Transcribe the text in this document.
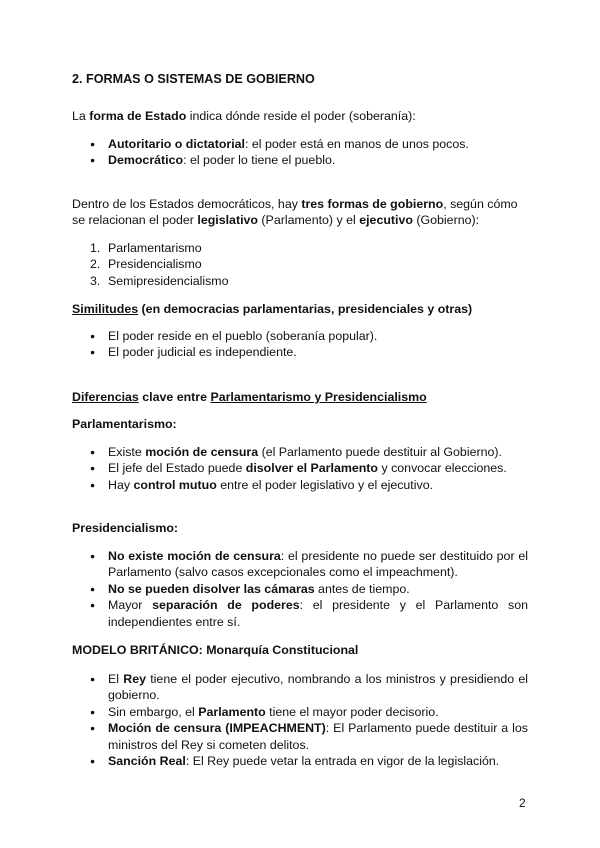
2. FORMAS O SISTEMAS DE GOBIERNO

La forma de Estado indica dónde reside el poder (soberanía):

● Autoritario o dictatorial: el poder está en manos de unos pocos.
● Democrático: el poder lo tiene el pueblo.

Dentro de los Estados democráticos, hay tres formas de gobierno, según cómo se relacionan el poder legislativo (Parlamento) y el ejecutivo (Gobierno):

1. Parlamentarismo
2. Presidencialismo
3. Semipresidencialismo

Similitudes (en democracias parlamentarias, presidenciales y otras)

● El poder reside en el pueblo (soberanía popular).
● El poder judicial es independiente.

Diferencias clave entre Parlamentarismo y Presidencialismo

Parlamentarismo:

● Existe moción de censura (el Parlamento puede destituir al Gobierno).
● El jefe del Estado puede disolver el Parlamento y convocar elecciones.
● Hay control mutuo entre el poder legislativo y el ejecutivo.

Presidencialismo:

● No existe moción de censura: el presidente no puede ser destituido por el Parlamento (salvo casos excepcionales como el impeachment).
● No se pueden disolver las cámaras antes de tiempo.
● Mayor separación de poderes: el presidente y el Parlamento son independientes entre sí.

MODELO BRITÁNICO: Monarquía Constitucional

● El Rey tiene el poder ejecutivo, nombrando a los ministros y presidiendo el gobierno.
● Sin embargo, el Parlamento tiene el mayor poder decisorio.
● Moción de censura (IMPEACHMENT): El Parlamento puede destituir a los ministros del Rey si cometen delitos.
● Sanción Real: El Rey puede vetar la entrada en vigor de la legislación.
2
